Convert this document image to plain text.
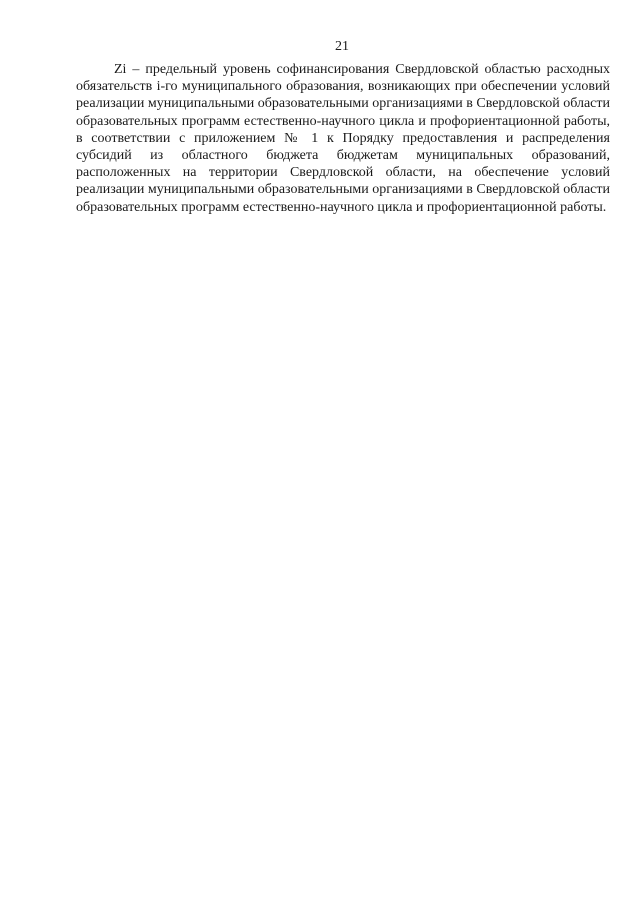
21

Zi – предельный уровень софинансирования Свердловской областью расходных обязательств i-го муниципального образования, возникающих при обеспечении условий реализации муниципальными образовательными организациями в Свердловской области образовательных программ естественно-научного цикла и профориентационной работы, в соответствии с приложением № 1 к Порядку предоставления и распределения субсидий из областного бюджета бюджетам муниципальных образований, расположенных на территории Свердловской области, на обеспечение условий реализации муниципальными образовательными организациями в Свердловской области образовательных программ естественно-научного цикла и профориентационной работы.
